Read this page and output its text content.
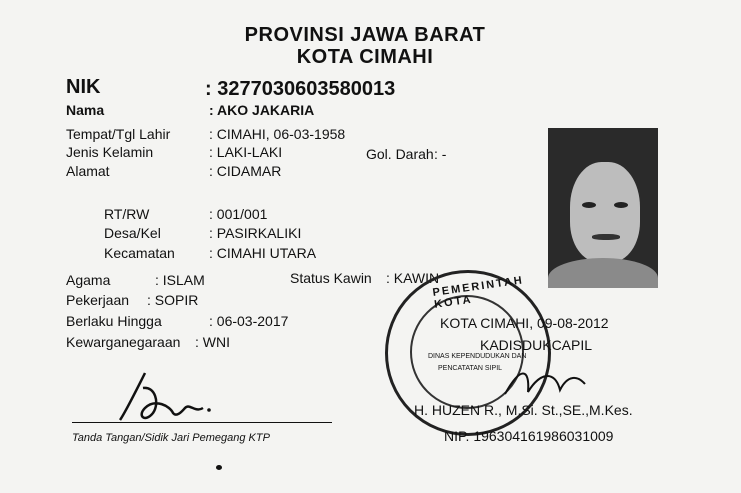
PROVINSI JAWA BARAT
KOTA CIMAHI
NIK	: 3277030603580013
Nama	: AKO JAKARIA
Tempat/Tgl Lahir	: CIMAHI, 06-03-1958
Jenis Kelamin	: LAKI-LAKI	Gol. Darah : -
Alamat	: CIDAMAR
RT/RW	: 001/001
Desa/Kel	: PASIRKALIKI
Kecamatan : CIMAHI UTARA
Agama	: ISLAM	Status Kawin : KAWIN
Pekerjaan : SOPIR
Berlaku Hingga	: 06-03-2017
Kewarganegaraan : WNI
PEMERINTAH KOTA
DINAS KEPENDUDUKAN DAN
PENCATATAN SIPIL
KOTA CIMAHI, 09-08-2012
KADISDUKCAPIL
H. HUZEN R., M.Si. St.,SE.,M.Kes.
NIP. 196304161986031009
Tanda Tangan/Sidik Jari Pemegang KTP
